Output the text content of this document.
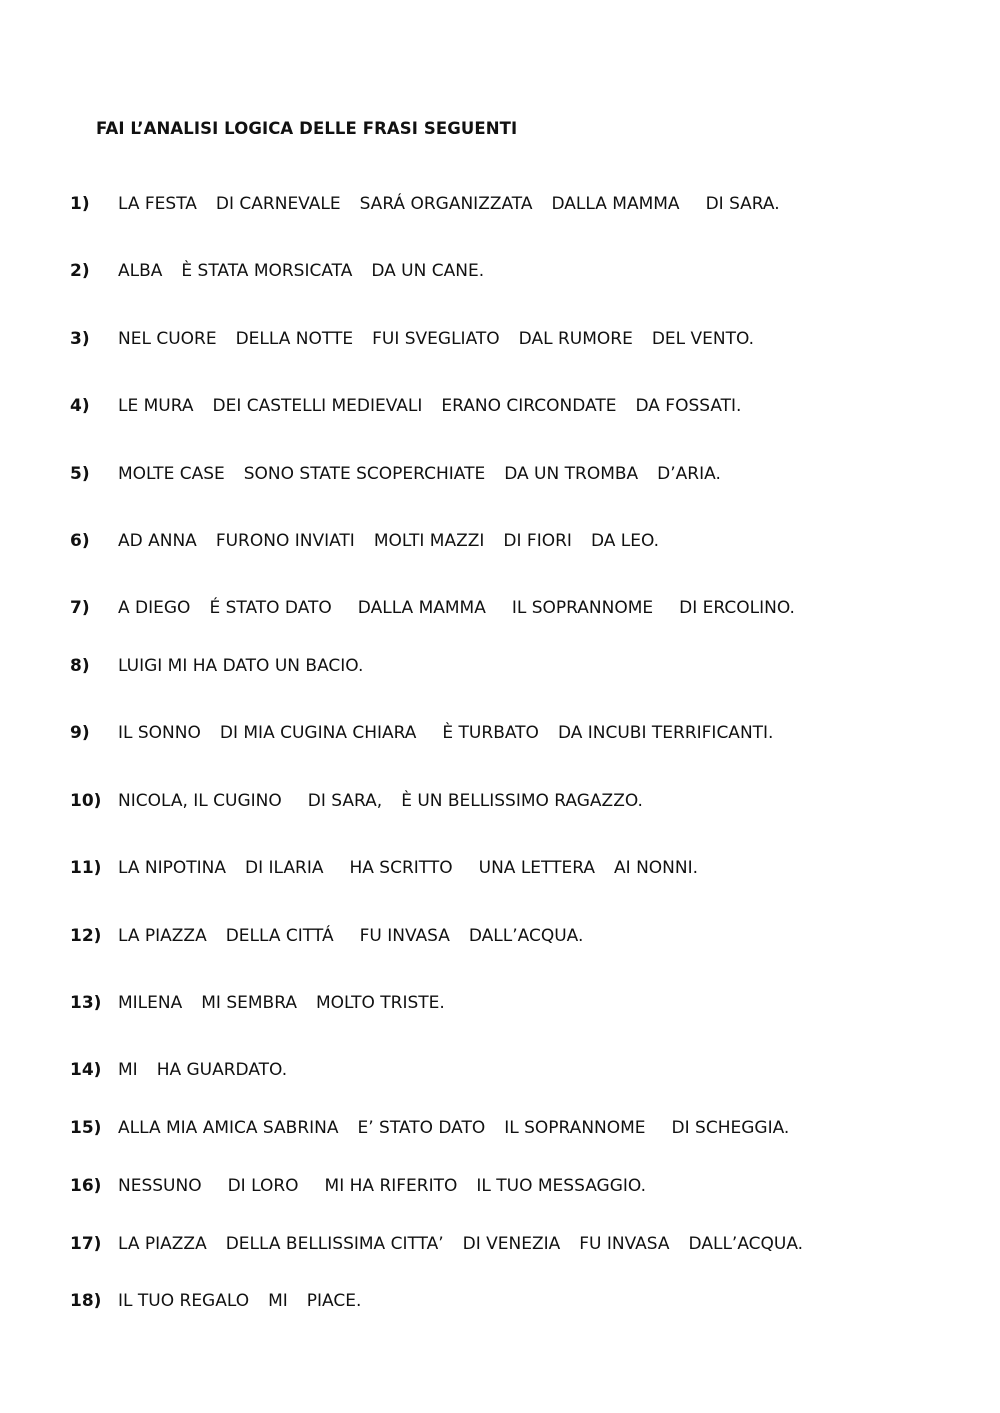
FAI L’ANALISI LOGICA DELLE FRASI SEGUENTI
1)	LA FESTA DI CARNEVALE SARÁ ORGANIZZATA DALLA MAMMA DI SARA.
2)	ALBA È STATA MORSICATA DA UN CANE.
3)	NEL CUORE DELLA NOTTE FUI SVEGLIATO DAL RUMORE DEL VENTO.
4)	LE MURA DEI CASTELLI MEDIEVALI ERANO CIRCONDATE DA FOSSATI.
5)	MOLTE CASE SONO STATE SCOPERCHIATE DA UN TROMBA D’ARIA.
6)	AD ANNA FURONO INVIATI MOLTI MAZZI DI FIORI DA LEO.
7)	A DIEGO É STATO DATO DALLA MAMMA IL SOPRANNOME DI ERCOLINO.
8)	LUIGI MI HA DATO UN BACIO.
9)	IL SONNO DI MIA CUGINA CHIARA È TURBATO DA INCUBI TERRIFICANTI.
10) NICOLA, IL CUGINO DI SARA, È UN BELLISSIMO RAGAZZO.
11) LA NIPOTINA DI ILARIA HA SCRITTO UNA LETTERA AI NONNI.
12) LA PIAZZA DELLA CITTÁ FU INVASA DALL’ACQUA.
13) MILENA MI SEMBRA MOLTO TRISTE.
14) MI HA GUARDATO.
15) ALLA MIA AMICA SABRINA E’ STATO DATO IL SOPRANNOME DI SCHEGGIA.
16) NESSUNO DI LORO MI HA RIFERITO IL TUO MESSAGGIO.
17) LA PIAZZA DELLA BELLISSIMA CITTA’ DI VENEZIA FU INVASA DALL’ACQUA.
18) IL TUO REGALO MI PIACE.
